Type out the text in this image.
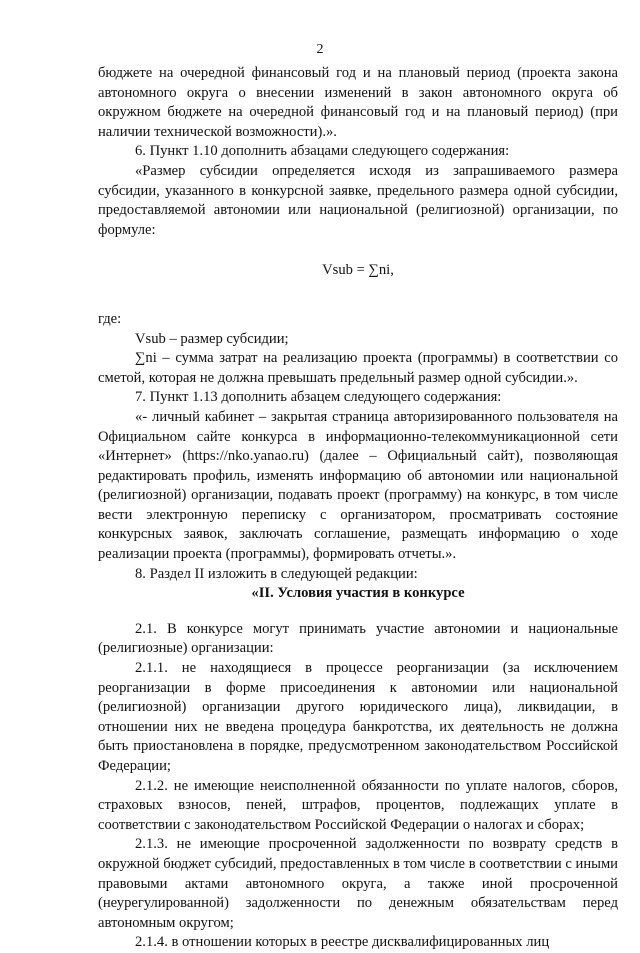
2

бюджете на очередной финансовый год и на плановый период (проекта закона автономного округа о внесении изменений в закон автономного округа об окружном бюджете на очередной финансовый год и на плановый период) (при наличии технической возможности).».

6. Пункт 1.10 дополнить абзацами следующего содержания:

«Размер субсидии определяется исходя из запрашиваемого размера субсидии, указанного в конкурсной заявке, предельного размера одной субсидии, предоставляемой автономии или национальной (религиозной) организации, по формуле:

Vsub = ∑ni,

где:

Vsub – размер субсидии;

∑ni – сумма затрат на реализацию проекта (программы) в соответствии со сметой, которая не должна превышать предельный размер одной субсидии.».

7. Пункт 1.13 дополнить абзацем следующего содержания:

«- личный кабинет – закрытая страница авторизированного пользователя на Официальном сайте конкурса в информационно-телекоммуникационной сети «Интернет» (https://nko.yanao.ru) (далее – Официальный сайт), позволяющая редактировать профиль, изменять информацию об автономии или национальной (религиозной) организации, подавать проект (программу) на конкурс, в том числе вести электронную переписку с организатором, просматривать состояние конкурсных заявок, заключать соглашение, размещать информацию о ходе реализации проекта (программы), формировать отчеты.».

8. Раздел II изложить в следующей редакции:

«II. Условия участия в конкурсе

2.1. В конкурсе могут принимать участие автономии и национальные (религиозные) организации:

2.1.1. не находящиеся в процессе реорганизации (за исключением реорганизации в форме присоединения к автономии или национальной (религиозной) организации другого юридического лица), ликвидации, в отношении них не введена процедура банкротства, их деятельность не должна быть приостановлена в порядке, предусмотренном законодательством Российской Федерации;

2.1.2. не имеющие неисполненной обязанности по уплате налогов, сборов, страховых взносов, пеней, штрафов, процентов, подлежащих уплате в соответствии с законодательством Российской Федерации о налогах и сборах;

2.1.3. не имеющие просроченной задолженности по возврату средств в окружной бюджет субсидий, предоставленных в том числе в соответствии с иными правовыми актами автономного округа, а также иной просроченной (неурегулированной) задолженности по денежным обязательствам перед автономным округом;

2.1.4. в отношении которых в реестре дисквалифицированных лиц
